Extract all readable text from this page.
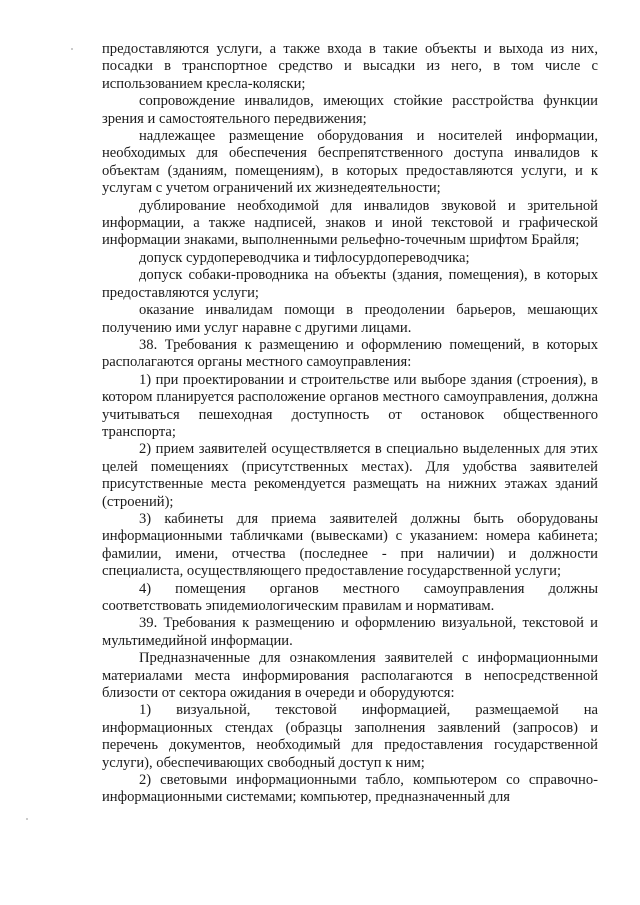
предоставляются услуги, а также входа в такие объекты и выхода из них, посадки в транспортное средство и высадки из него, в том числе с использованием кресла-коляски;

сопровождение инвалидов, имеющих стойкие расстройства функции зрения и самостоятельного передвижения;

надлежащее размещение оборудования и носителей информации, необходимых для обеспечения беспрепятственного доступа инвалидов к объектам (зданиям, помещениям), в которых предоставляются услуги, и к услугам с учетом ограничений их жизнедеятельности;

дублирование необходимой для инвалидов звуковой и зрительной информации, а также надписей, знаков и иной текстовой и графической информации знаками, выполненными рельефно-точечным шрифтом Брайля;

допуск сурдопереводчика и тифлосурдопереводчика;

допуск собаки-проводника на объекты (здания, помещения), в которых предоставляются услуги;

оказание инвалидам помощи в преодолении барьеров, мешающих получению ими услуг наравне с другими лицами.

38. Требования к размещению и оформлению помещений, в которых располагаются органы местного самоуправления:

1) при проектировании и строительстве или выборе здания (строения), в котором планируется расположение органов местного самоуправления, должна учитываться пешеходная доступность от остановок общественного транспорта;

2) прием заявителей осуществляется в специально выделенных для этих целей помещениях (присутственных местах). Для удобства заявителей присутственные места рекомендуется размещать на нижних этажах зданий (строений);

3) кабинеты для приема заявителей должны быть оборудованы информационными табличками (вывесками) с указанием: номера кабинета; фамилии, имени, отчества (последнее - при наличии) и должности специалиста, осуществляющего предоставление государственной услуги;

4) помещения органов местного самоуправления должны соответствовать эпидемиологическим правилам и нормативам.

39. Требования к размещению и оформлению визуальной, текстовой и мультимедийной информации.

Предназначенные для ознакомления заявителей с информационными материалами места информирования располагаются в непосредственной близости от сектора ожидания в очереди и оборудуются:

1) визуальной, текстовой информацией, размещаемой на информационных стендах (образцы заполнения заявлений (запросов) и перечень документов, необходимый для предоставления государственной услуги), обеспечивающих свободный доступ к ним;

2) световыми информационными табло, компьютером со справочно-информационными системами; компьютер, предназначенный для
